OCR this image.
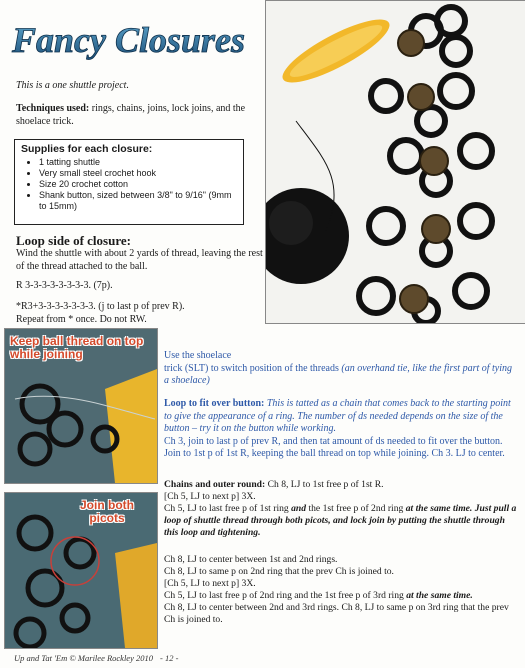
Fancy Closures
This is a one shuttle project.
Techniques used: rings, chains, joins, lock joins, and the shoelace trick.
Supplies for each closure:
• 1 tatting shuttle
• Very small steel crochet hook
• Size 20 crochet cotton
• Shank button, sized between 3/8" to 9/16" (9mm to 15mm)
Loop side of closure:
Wind the shuttle with about 2 yards of thread, leaving the rest of the thread attached to the ball.
R 3-3-3-3-3-3-3-3. (7p).
*R3+3-3-3-3-3-3-3. (j to last p of prev R).
Repeat from * once. Do not RW.
Keep ball thread on top while joining
Join both picots
Use the shoelace
trick (SLT) to switch position of the threads (an overhand tie, like the first part of tying a shoelace)
Loop to fit over button: This is tatted as a chain that comes back to the starting point to give the appearance of a ring. The number of ds needed depends on the size of the button – try it on the button while working.
Ch 3, join to last p of prev R, and then tat amount of ds needed to fit over the button. Join to 1st p of 1st R, keeping the ball thread on top while joining. Ch 3. LJ to center.
Chains and outer round: Ch 8, LJ to 1st free p of 1st R.
[Ch 5, LJ to next p] 3X.
Ch 5, LJ to last free p of 1st ring and the 1st free p of 2nd ring at the same time. Just pull a loop of shuttle thread through both picots, and lock join by putting the shuttle through this loop and tightening.
Ch 8, LJ to center between 1st and 2nd rings.
Ch 8, LJ to same p on 2nd ring that the prev Ch is joined to.
[Ch 5, LJ to next p] 3X.
Ch 5, LJ to last free p of 2nd ring and the 1st free p of 3rd ring at the same time.
Ch 8, LJ to center between 2nd and 3rd rings. Ch 8, LJ to same p on 3rd ring that the prev Ch is joined to.
Up and Tat 'Em © Marilee Rockley 2010 - 12 -
